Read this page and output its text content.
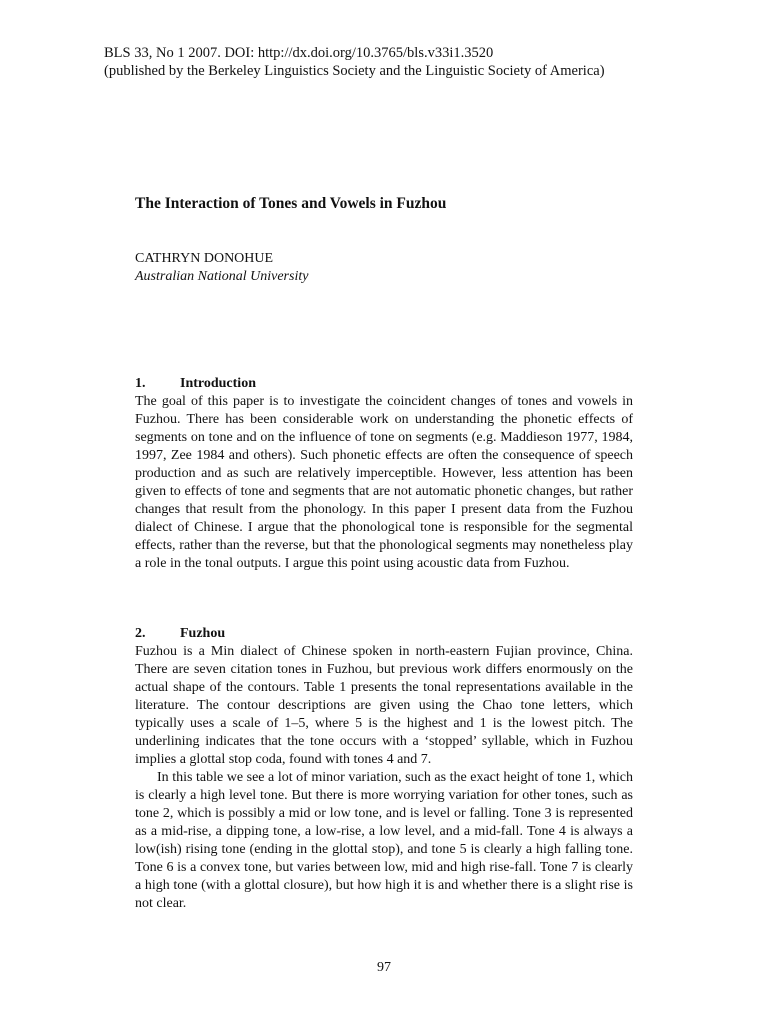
BLS 33, No 1 2007. DOI: http://dx.doi.org/10.3765/bls.v33i1.3520
(published by the Berkeley Linguistics Society and the Linguistic Society of America)
The Interaction of Tones and Vowels in Fuzhou
CATHRYN DONOHUE
Australian National University
1.	Introduction

The goal of this paper is to investigate the coincident changes of tones and vowels in Fuzhou. There has been considerable work on understanding the phonetic effects of segments on tone and on the influence of tone on segments (e.g. Maddieson 1977, 1984, 1997, Zee 1984 and others). Such phonetic effects are often the consequence of speech production and as such are relatively imperceptible. However, less attention has been given to effects of tone and segments that are not automatic phonetic changes, but rather changes that result from the phonology. In this paper I present data from the Fuzhou dialect of Chinese. I argue that the phonological tone is responsible for the segmental effects, rather than the reverse, but that the phonological segments may nonetheless play a role in the tonal outputs. I argue this point using acoustic data from Fuzhou.

2.	Fuzhou

Fuzhou is a Min dialect of Chinese spoken in north-eastern Fujian province, China. There are seven citation tones in Fuzhou, but previous work differs enormously on the actual shape of the contours. Table 1 presents the tonal representations available in the literature. The contour descriptions are given using the Chao tone letters, which typically uses a scale of 1–5, where 5 is the highest and 1 is the lowest pitch. The underlining indicates that the tone occurs with a ‘stopped’ syllable, which in Fuzhou implies a glottal stop coda, found with tones 4 and 7.

In this table we see a lot of minor variation, such as the exact height of tone 1, which is clearly a high level tone. But there is more worrying variation for other tones, such as tone 2, which is possibly a mid or low tone, and is level or falling. Tone 3 is represented as a mid-rise, a dipping tone, a low-rise, a low level, and a mid-fall. Tone 4 is always a low(ish) rising tone (ending in the glottal stop), and tone 5 is clearly a high falling tone. Tone 6 is a convex tone, but varies between low, mid and high rise-fall. Tone 7 is clearly a high tone (with a glottal closure), but how high it is and whether there is a slight rise is not clear.

97
